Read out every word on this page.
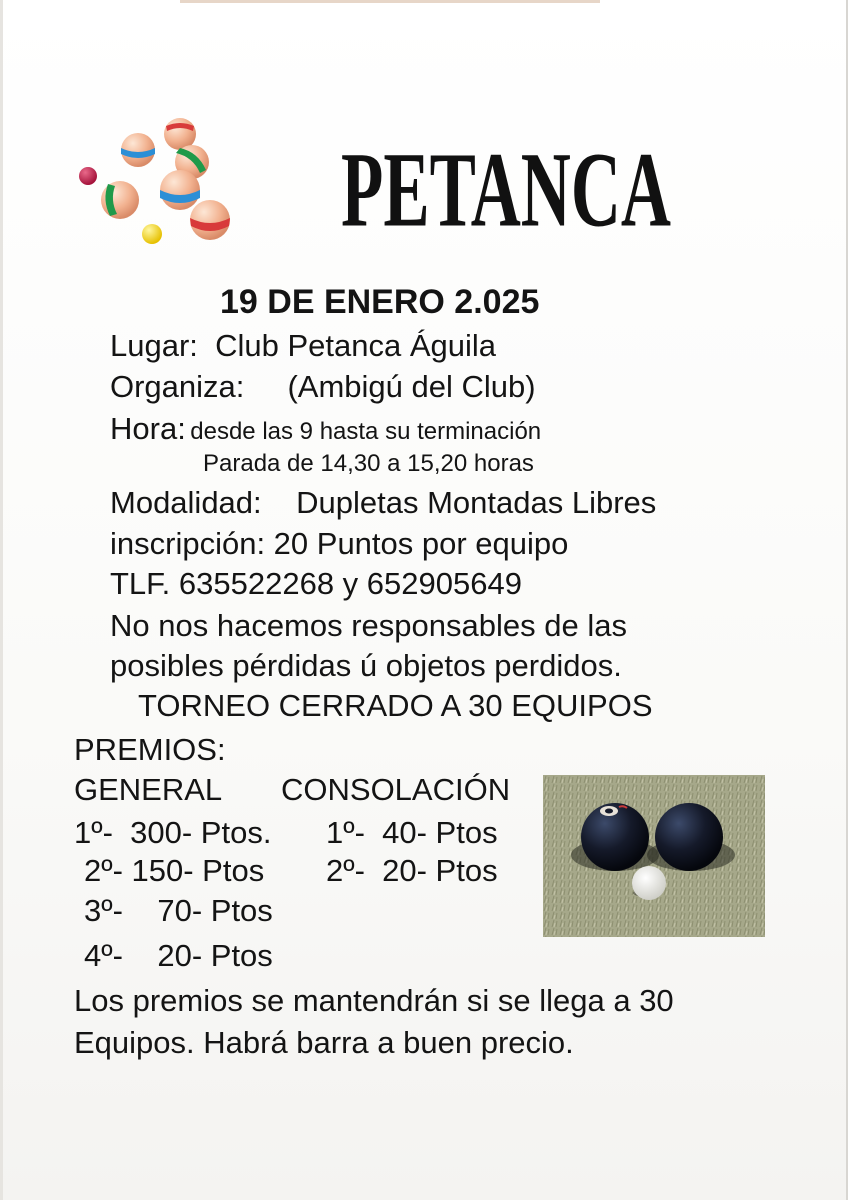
PETANCA
19 DE ENERO 2.025
Lugar: Club Petanca Águila
Organiza: (Ambigú del Club)
Hora: desde las 9 hasta su terminación
Parada de 14,30 a 15,20 horas
Modalidad: Dupletas Montadas Libres
inscripción: 20 Puntos por equipo
TLF. 635522268 y 652905649
No nos hacemos responsables de las
posibles pérdidas ú objetos perdidos.
TORNEO CERRADO A 30 EQUIPOS
PREMIOS:
GENERAL CONSOLACIÓN
1º- 300- Ptos.
2º- 150- Ptos
3º- 70- Ptos
4º- 20- Ptos
1º- 40- Ptos
2º- 20- Ptos
Los premios se mantendrán si se llega a 30
Equipos. Habrá barra a buen precio.
